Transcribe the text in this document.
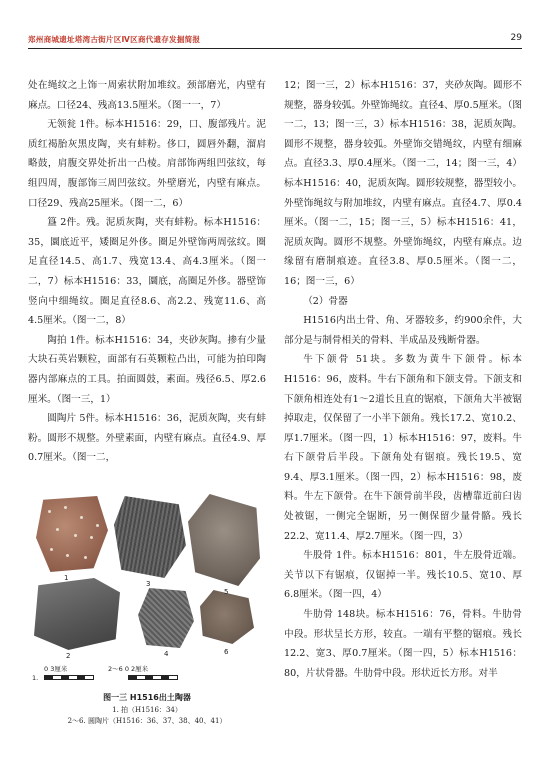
郑州商城遗址塔湾古街片区Ⅳ区商代遗存发掘简报	29

处在绳纹之上饰一周索状附加堆纹。颈部磨光，内壁有麻点。口径24、残高13.5厘米。（图一一，7）

无领瓮 1件。标本H1516：29，口、腹部残片。泥质红褐胎灰黑皮陶，夹有蚌粉。侈口，圆唇外翻，溜肩略鼓，肩腹交界处折出一凸棱。肩部饰两组凹弦纹，每组四周，腹部饰三周凹弦纹。外壁磨光，内壁有麻点。口径29、残高25厘米。（图一二，6）

簋 2件。残。泥质灰陶，夹有蚌粉。标本H1516：35，圜底近平，矮圈足外侈。圈足外壁饰两周弦纹。圈足直径14.5、高1.7、残宽13.4、高4.3厘米。（图一二，7）标本H1516：33，圜底，高圈足外侈。器壁饰竖向中细绳纹。圈足直径8.6、高2.2、残宽11.6、高4.5厘米。（图一二，8）

陶拍 1件。标本H1516：34，夹砂灰陶。掺有少量大块石英岩颗粒，面部有石英颗粒凸出，可能为拍印陶器内部麻点的工具。拍面圆鼓，素面。残径6.5、厚2.6厘米。（图一三，1）

圆陶片 5件。标本H1516：36，泥质灰陶，夹有蚌粉。圆形不规整。外壁素面，内壁有麻点。直径4.9、厚0.7厘米。（图一二，

1
2
3
4
5
6
1.
0 3厘米	2～6 0 2厘米
图一三 H1516出土陶器
1. 拍（H1516：34）
2～6. 圆陶片（H1516：36、37、38、40、41）

12；图一三，2）标本H1516：37，夹砂灰陶。圆形不规整，器身较弧。外壁饰绳纹。直径4、厚0.5厘米。（图一二，13；图一三，3）标本H1516：38，泥质灰陶。圆形不规整，器身较弧。外壁饰交错绳纹，内壁有细麻点。直径3.3、厚0.4厘米。（图一二，14；图一三，4）标本H1516：40，泥质灰陶。圆形较规整，器型较小。外壁饰绳纹与附加堆纹，内壁有麻点。直径4.7、厚0.4厘米。（图一二，15；图一三，5）标本H1516：41，泥质灰陶。圆形不规整。外壁饰绳纹，内壁有麻点。边缘留有磨制痕迹。直径3.8、厚0.5厘米。（图一二，16；图一三，6）

（2）骨器

H1516内出土骨、角、牙器较多，约900余件，大部分是与制骨相关的骨料、半成品及残断骨器。

牛下颌骨 51块。多数为黄牛下颌骨。标本H1516：96，废料。牛右下颌角和下颌支骨。下颌支和下颌角相连处有1～2道长且直的锯痕，下颌角大半被锯掉取走，仅保留了一小半下颌角。残长17.2、宽10.2、厚1.7厘米。（图一四，1）标本H1516：97，废料。牛右下颌骨后半段。下颌角处有锯痕。残长19.5、宽9.4、厚3.1厘米。（图一四，2）标本H1516：98，废料。牛左下颌骨。在牛下颌骨前半段，齿槽靠近前臼齿处被锯，一侧完全锯断，另一侧保留少量骨骼。残长22.2、宽11.4、厚2.7厘米。（图一四，3）

牛股骨 1件。标本H1516：801，牛左股骨近端。关节以下有锯痕，仅锯掉一半。残长10.5、宽10、厚6.8厘米。（图一四，4）

牛肋骨 148块。标本H1516：76，骨料。牛肋骨中段。形状呈长方形，较直。一端有平整的锯痕。残长12.2、宽3、厚0.7厘米。（图一四，5）标本H1516：80，片状骨器。牛肋骨中段。形状近长方形。对半
